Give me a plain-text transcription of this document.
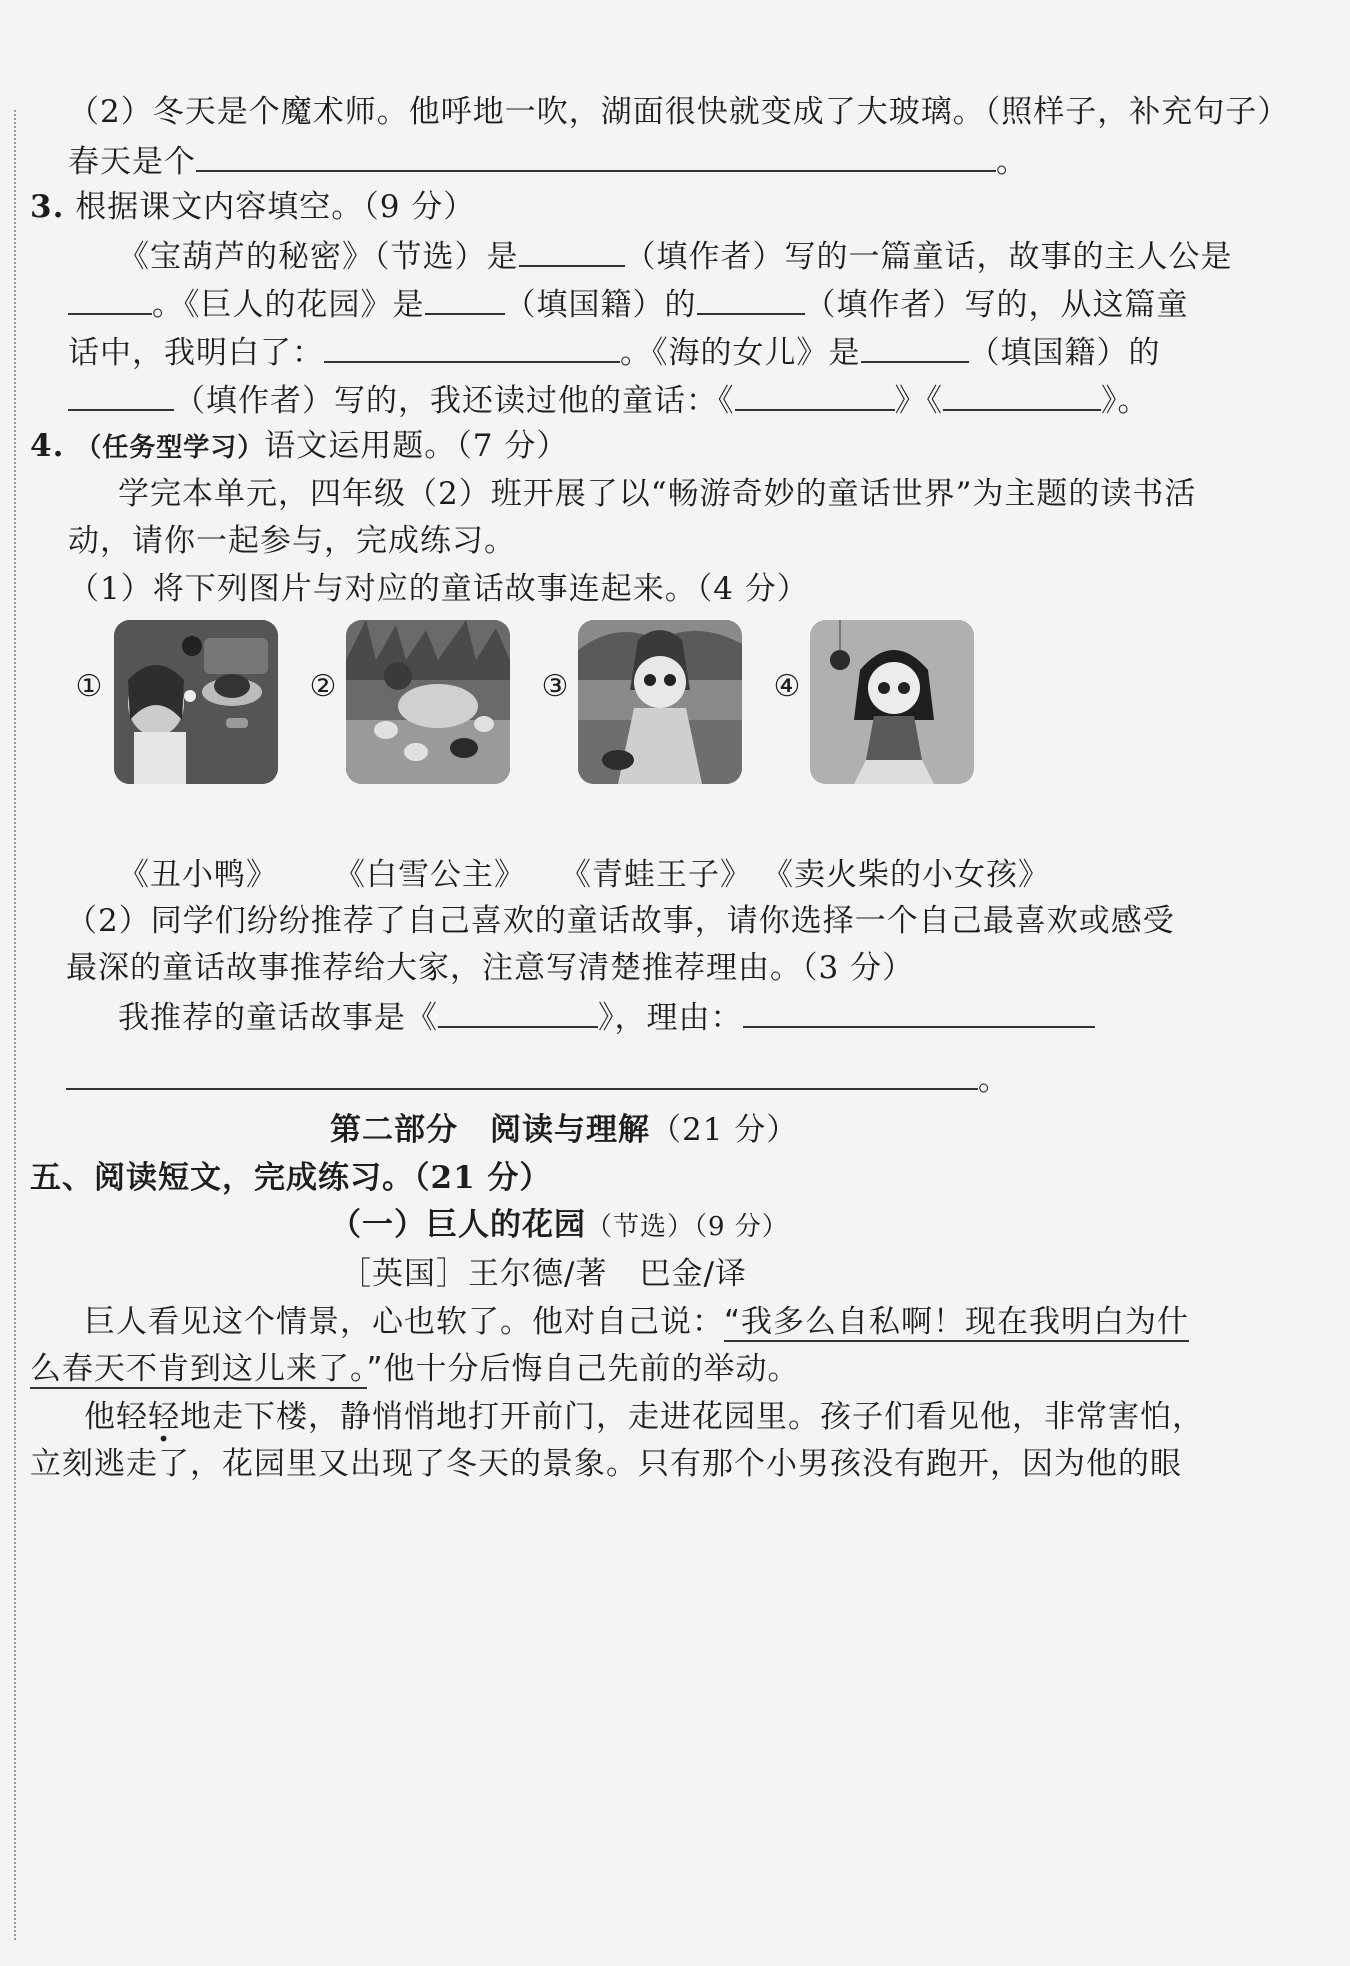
（2）冬天是个魔术师。他呼地一吹，湖面很快就变成了大玻璃。（照样子，补充句子）
春天是个	。
3. 根据课文内容填空。（9 分）
《宝葫芦的秘密》（节选）是	（填作者）写的一篇童话，故事的主人公是
。《巨人的花园》是	（填国籍）的	（填作者）写的，从这篇童
话中，我明白了：	。《海的女儿》是	（填国籍）的
（填作者）写的，我还读过他的童话：《	》《	》。
4. （任务型学习）语文运用题。（7 分）
学完本单元，四年级（2）班开展了以“畅游奇妙的童话世界”为主题的读书活
动，请你一起参与，完成练习。
（1）将下列图片与对应的童话故事连起来。（4 分）
①	②	③	④
《丑小鸭》 《白雪公主》 《青蛙王子》 《卖火柴的小女孩》
（2）同学们纷纷推荐了自己喜欢的童话故事，请你选择一个自己最喜欢或感受
最深的童话故事推荐给大家，注意写清楚推荐理由。（3 分）
我推荐的童话故事是《	》，理由：
。
第二部分　阅读与理解（21 分）
五、阅读短文，完成练习。（21 分）
（一）巨人的花园（节选）（9 分）
［英国］王尔德/著　巴金/译
巨人看见这个情景，心也软了。他对自己说：“我多么自私啊！现在我明白为什
么春天不肯到这儿来了。”他十分后悔自己先前的举动。
他轻轻地走下楼，静悄悄地打开前门，走进花园里。孩子们看见他，非常害怕，
立刻逃走了，花园里又出现了冬天的景象。只有那个小男孩没有跑开，因为他的眼
